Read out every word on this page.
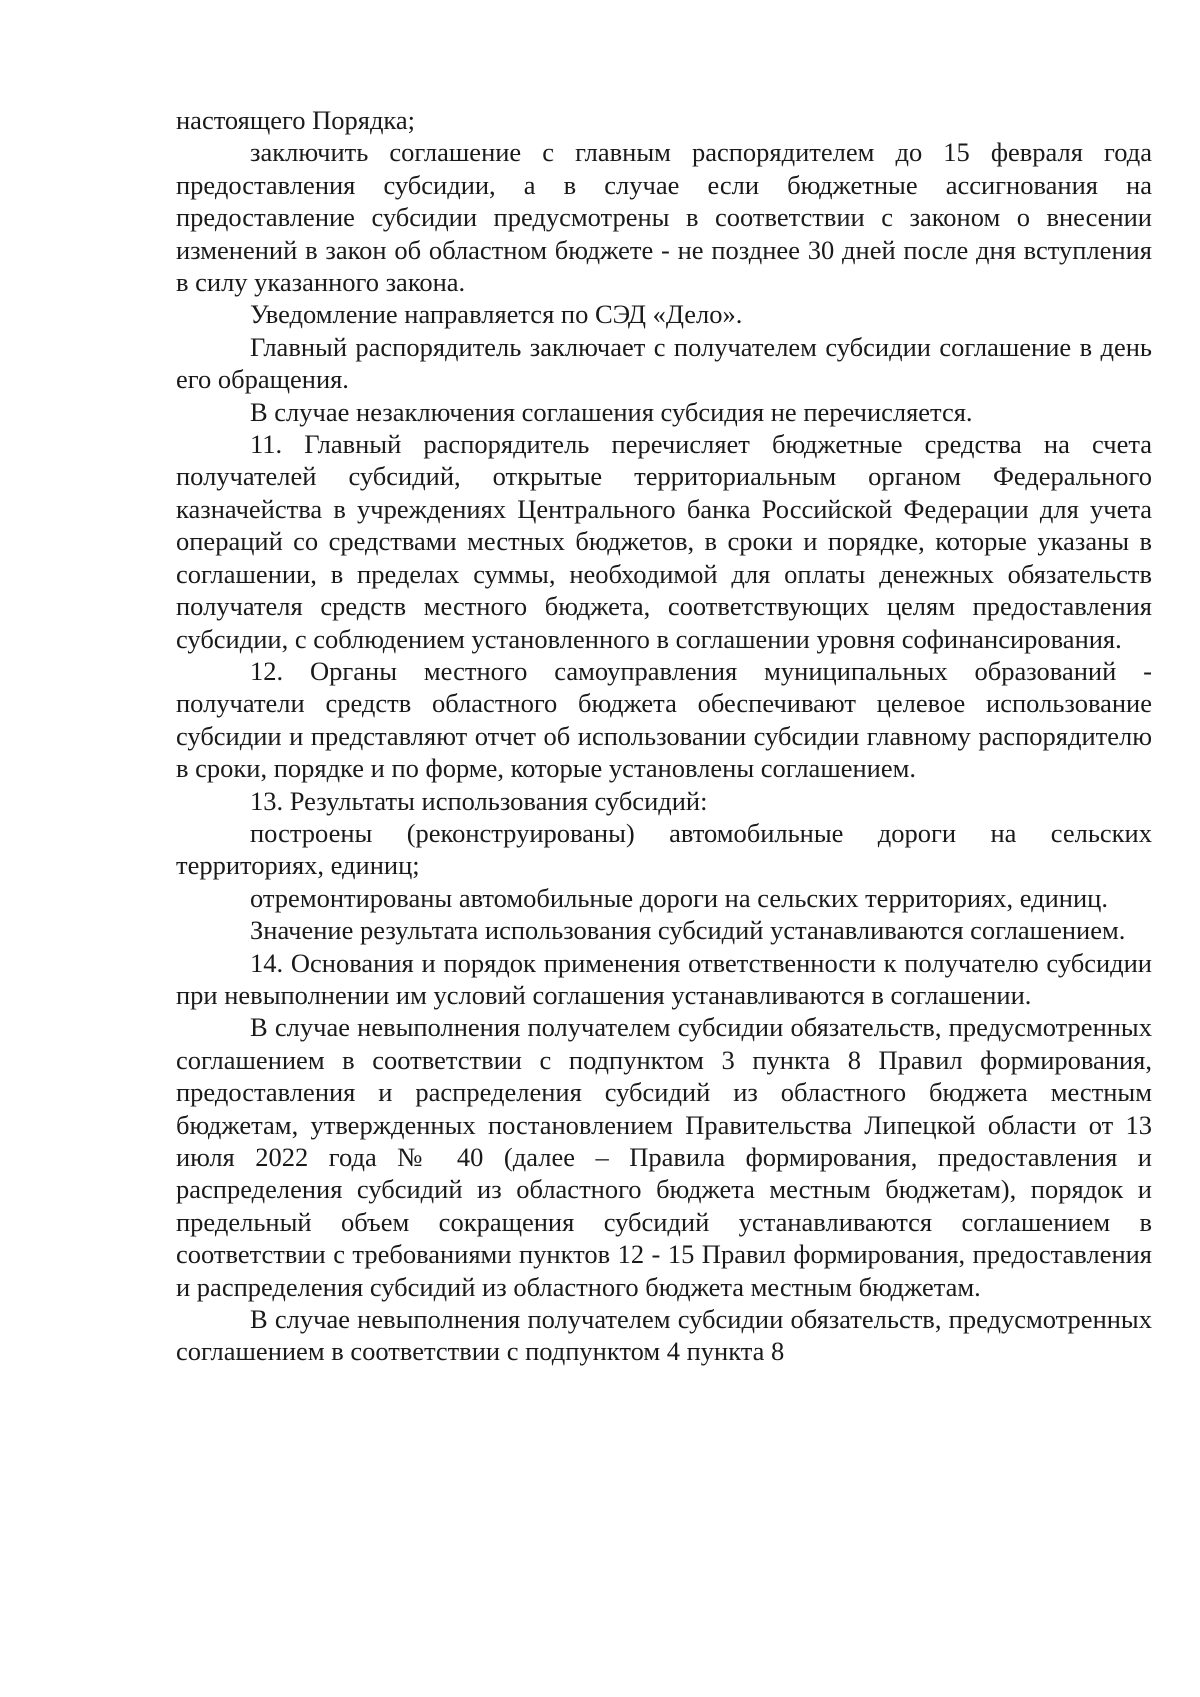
настоящего Порядка;

заключить соглашение с главным распорядителем до 15 февраля года предоставления субсидии, а в случае если бюджетные ассигнования на предоставление субсидии предусмотрены в соответствии с законом о внесении изменений в закон об областном бюджете - не позднее 30 дней после дня вступления в силу указанного закона.

Уведомление направляется по СЭД «Дело».

Главный распорядитель заключает с получателем субсидии соглашение в день его обращения.

В случае незаключения соглашения субсидия не перечисляется.

11. Главный распорядитель перечисляет бюджетные средства на счета получателей субсидий, открытые территориальным органом Федерального казначейства в учреждениях Центрального банка Российской Федерации для учета операций со средствами местных бюджетов, в сроки и порядке, которые указаны в соглашении, в пределах суммы, необходимой для оплаты денежных обязательств получателя средств местного бюджета, соответствующих целям предоставления субсидии, с соблюдением установленного в соглашении уровня софинансирования.

12. Органы местного самоуправления муниципальных образований - получатели средств областного бюджета обеспечивают целевое использование субсидии и представляют отчет об использовании субсидии главному распорядителю в сроки, порядке и по форме, которые установлены соглашением.

13. Результаты использования субсидий:

построены (реконструированы) автомобильные дороги на сельских территориях, единиц;

отремонтированы автомобильные дороги на сельских территориях, единиц.

Значение результата использования субсидий устанавливаются соглашением.

14. Основания и порядок применения ответственности к получателю субсидии при невыполнении им условий соглашения устанавливаются в соглашении.

В случае невыполнения получателем субсидии обязательств, предусмотренных соглашением в соответствии с подпунктом 3 пункта 8 Правил формирования, предоставления и распределения субсидий из областного бюджета местным бюджетам, утвержденных постановлением Правительства Липецкой области от 13 июля 2022 года № 40 (далее – Правила формирования, предоставления и распределения субсидий из областного бюджета местным бюджетам), порядок и предельный объем сокращения субсидий устанавливаются соглашением в соответствии с требованиями пунктов 12 - 15 Правил формирования, предоставления и распределения субсидий из областного бюджета местным бюджетам.

В случае невыполнения получателем субсидии обязательств, предусмотренных соглашением в соответствии с подпунктом 4 пункта 8
